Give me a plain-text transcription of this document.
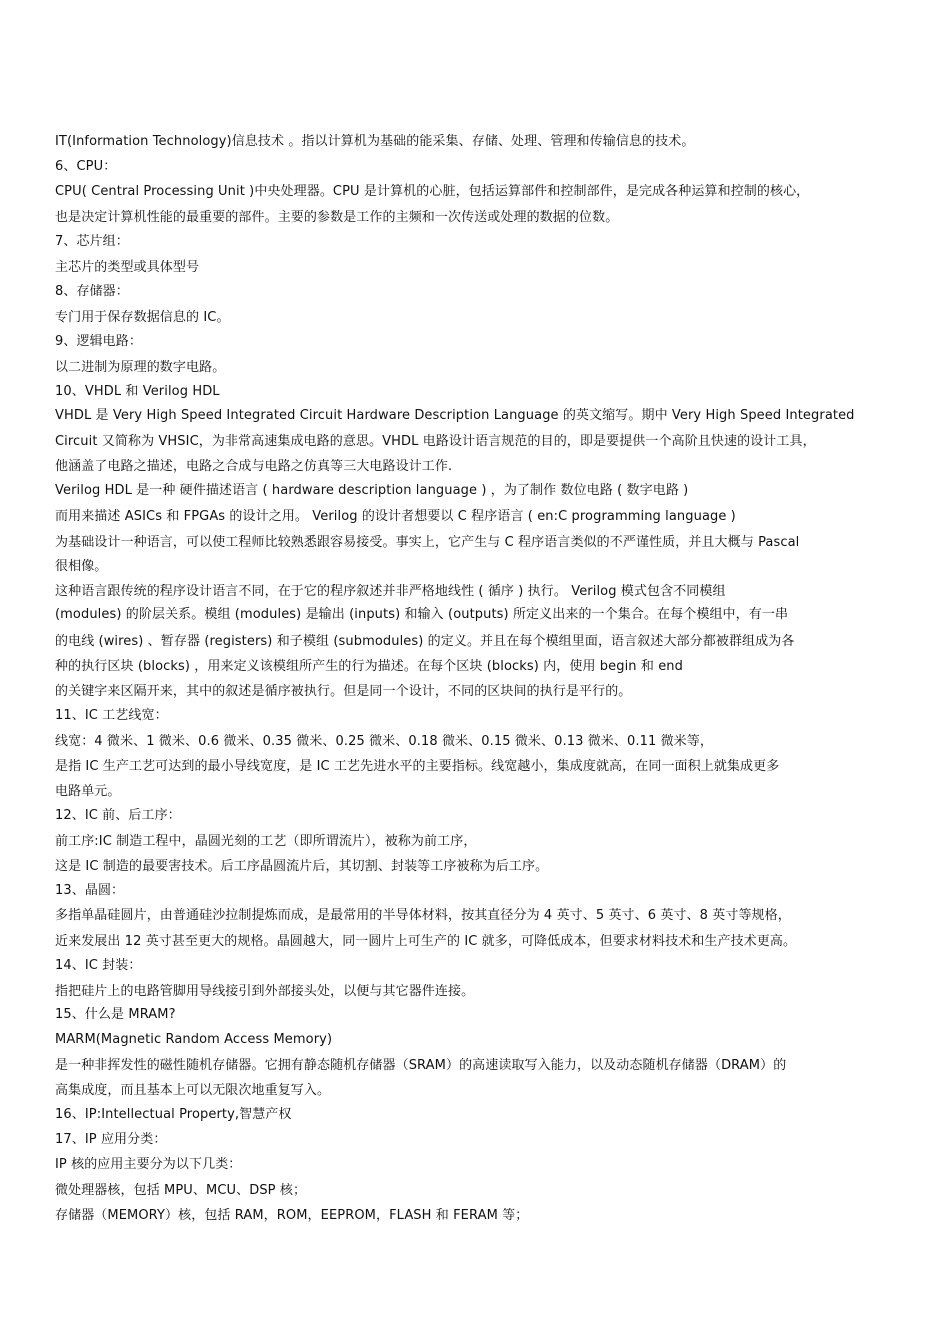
IT(Information Technology)信息技术 。指以计算机为基础的能采集、存储、处理、管理和传输信息的技术。
6、CPU：
CPU( Central Processing Unit )中央处理器。CPU 是计算机的心脏，包括运算部件和控制部件，是完成各种运算和控制的核心，
也是决定计算机性能的最重要的部件。主要的参数是工作的主频和一次传送或处理的数据的位数。
7、芯片组：
主芯片的类型或具体型号
8、存储器：
专门用于保存数据信息的 IC。
9、逻辑电路：
以二进制为原理的数字电路。
10、VHDL 和 Verilog HDL
VHDL 是 Very High Speed Integrated Circuit Hardware Description Language 的英文缩写。期中 Very High Speed Integrated
Circuit 又简称为 VHSIC，为非常高速集成电路的意思。VHDL 电路设计语言规范的目的，即是要提供一个高阶且快速的设计工具，
他涵盖了电路之描述，电路之合成与电路之仿真等三大电路设计工作.
Verilog HDL 是一种 硬件描述语言 ( hardware description language ) ，为了制作 数位电路 ( 数字电路 )
而用来描述 ASICs 和 FPGAs 的设计之用。 Verilog 的设计者想要以 C 程序语言 ( en:C programming language )
为基础设计一种语言，可以使工程师比较熟悉跟容易接受。事实上，它产生与 C 程序语言类似的不严谨性质，并且大概与 Pascal
很相像。
这种语言跟传统的程序设计语言不同，在于它的程序叙述并非严格地线性 ( 循序 ) 执行。 Verilog 模式包含不同模组
(modules) 的阶层关系。模组 (modules) 是输出 (inputs) 和输入 (outputs) 所定义出来的一个集合。在每个模组中，有一串
的电线 (wires) 、暂存器 (registers) 和子模组 (submodules) 的定义。并且在每个模组里面，语言叙述大部分都被群组成为各
种的执行区块 (blocks) ，用来定义该模组所产生的行为描述。在每个区块 (blocks) 内，使用 begin 和 end
的关键字来区隔开来，其中的叙述是循序被执行。但是同一个设计，不同的区块间的执行是平行的。
11、IC 工艺线宽：
线宽：4 微米、1 微米、0.6 微米、0.35 微米、0.25 微米、0.18 微米、0.15 微米、0.13 微米、0.11 微米等，
是指 IC 生产工艺可达到的最小导线宽度，是 IC 工艺先进水平的主要指标。线宽越小，集成度就高，在同一面积上就集成更多
电路单元。
12、IC 前、后工序：
前工序:IC 制造工程中，晶圆光刻的工艺（即所谓流片），被称为前工序，
这是 IC 制造的最要害技术。后工序晶圆流片后，其切割、封装等工序被称为后工序。
13、晶圆：
多指单晶硅圆片，由普通硅沙拉制提炼而成，是最常用的半导体材料，按其直径分为 4 英寸、5 英寸、6 英寸、8 英寸等规格，
近来发展出 12 英寸甚至更大的规格。晶圆越大，同一圆片上可生产的 IC 就多，可降低成本，但要求材料技术和生产技术更高。
14、IC 封装：
指把硅片上的电路管脚用导线接引到外部接头处，以便与其它器件连接。
15、什么是 MRAM?
MARM(Magnetic Random Access Memory)
是一种非挥发性的磁性随机存储器。它拥有静态随机存储器（SRAM）的高速读取写入能力，以及动态随机存储器（DRAM）的
高集成度，而且基本上可以无限次地重复写入。
16、IP:Intellectual Property,智慧产权
17、IP 应用分类：
IP 核的应用主要分为以下几类：
微处理器核，包括 MPU、MCU、DSP 核；
存储器（MEMORY）核，包括 RAM，ROM，EEPROM，FLASH 和 FERAM 等；
